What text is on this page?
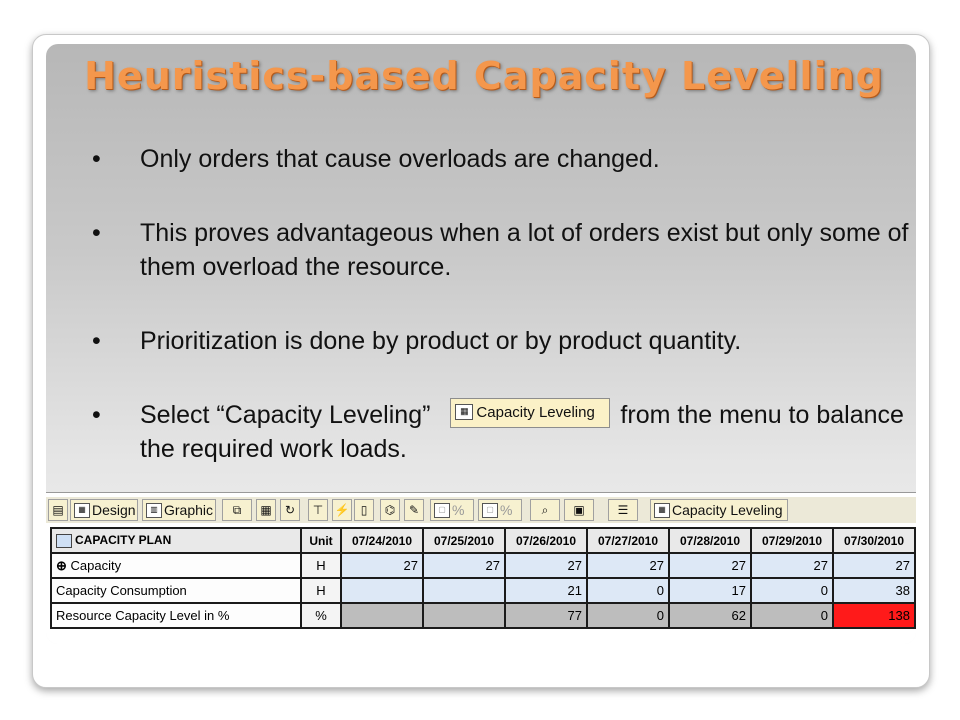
Heuristics-based Capacity Levelling
• Only orders that cause overloads are changed.
• This proves advantageous when a lot of orders exist but only some of them overload the resource.
• Prioritization is done by product or by product quantity.
• Select “Capacity Leveling”	▦ Capacity Leveling from the menu to balance the required work loads.
▤	▦ Design	▥ Graphic	⧉	▦	↻	⊤ ⚡ ▯	⌬	✎	▢ %	▢ %	⌕	▣	☰	▦ Capacity Leveling
CAPACITY PLAN	Unit	07/24/2010	07/25/2010	07/26/2010	07/27/2010	07/28/2010	07/29/2010	07/30/2010
⊕ Capacity	H	27	27	27	27	27	27	27
Capacity Consumption	H			21	0	17	0	38
Resource Capacity Level in %	%			77	0	62	0	138
